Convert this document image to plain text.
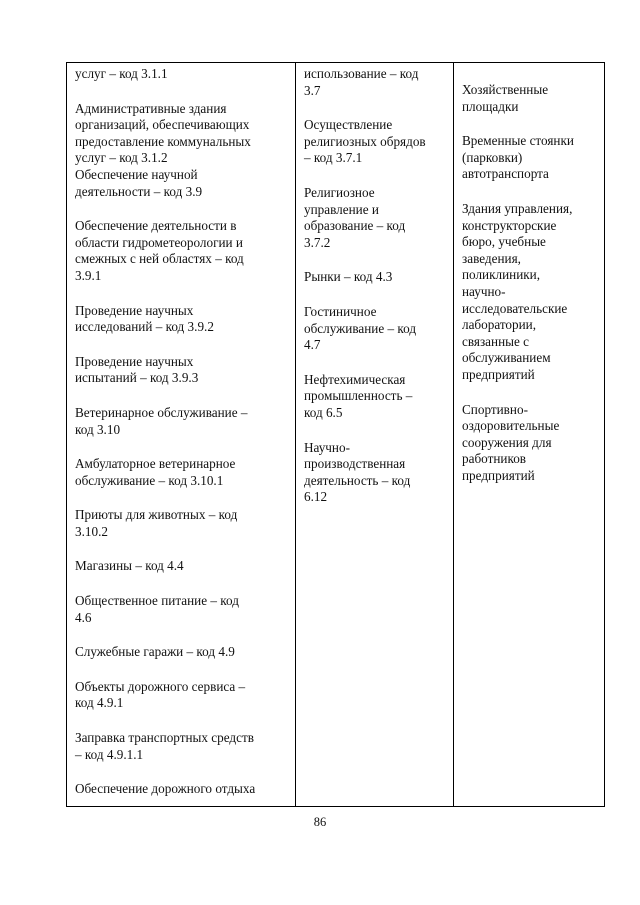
услуг – код 3.1.1

Административные здания
организаций, обеспечивающих
предоставление коммунальных
услуг – код 3.1.2

Обеспечение научной
деятельности – код 3.9

Обеспечение деятельности в
области гидрометеорологии и
смежных с ней областях – код
3.9.1

Проведение научных
исследований – код 3.9.2

Проведение научных
испытаний – код 3.9.3

Ветеринарное обслуживание –
код 3.10

Амбулаторное ветеринарное
обслуживание – код 3.10.1

Приюты для животных – код
3.10.2

Магазины – код 4.4

Общественное питание – код
4.6

Служебные гаражи – код 4.9

Объекты дорожного сервиса –
код 4.9.1

Заправка транспортных средств
– код 4.9.1.1

Обеспечение дорожного отдыха

использование – код
3.7

Осуществление
религиозных обрядов
– код 3.7.1

Религиозное
управление и
образование – код
3.7.2

Рынки – код 4.3

Гостиничное
обслуживание – код
4.7

Нефтехимическая
промышленность –
код 6.5

Научно-
производственная
деятельность – код
6.12

Хозяйственные
площадки

Временные стоянки
(парковки)
автотранспорта

Здания управления,
конструкторские
бюро, учебные
заведения,
поликлиники,
научно-
исследовательские
лаборатории,
связанные с
обслуживанием
предприятий

Спортивно-
оздоровительные
сооружения для
работников
предприятий

86
